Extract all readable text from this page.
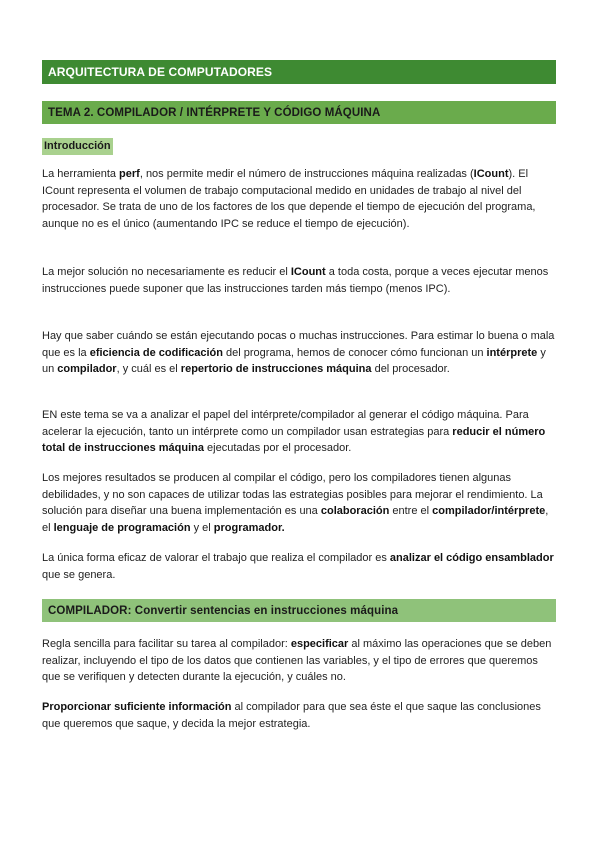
ARQUITECTURA DE COMPUTADORES
TEMA 2. COMPILADOR / INTÉRPRETE Y CÓDIGO MÁQUINA
Introducción
La herramienta perf, nos permite medir el número de instrucciones máquina realizadas (ICount). El ICount representa el volumen de trabajo computacional medido en unidades de trabajo al nivel del procesador. Se trata de uno de los factores de los que depende el tiempo de ejecución del programa, aunque no es el único (aumentando IPC se reduce el tiempo de ejecución).
La mejor solución no necesariamente es reducir el ICount a toda costa, porque a veces ejecutar menos instrucciones puede suponer que las instrucciones tarden más tiempo (menos IPC).
Hay que saber cuándo se están ejecutando pocas o muchas instrucciones. Para estimar lo buena o mala que es la eficiencia de codificación del programa, hemos de conocer cómo funcionan un intérprete y un compilador, y cuál es el repertorio de instrucciones máquina del procesador.
EN este tema se va a analizar el papel del intérprete/compilador al generar el código máquina. Para acelerar la ejecución, tanto un intérprete como un compilador usan estrategias para reducir el número total de instrucciones máquina ejecutadas por el procesador.
Los mejores resultados se producen al compilar el código, pero los compiladores tienen algunas debilidades, y no son capaces de utilizar todas las estrategias posibles para mejorar el rendimiento. La solución para diseñar una buena implementación es una colaboración entre el compilador/intérprete, el lenguaje de programación y el programador.
La única forma eficaz de valorar el trabajo que realiza el compilador es analizar el código ensamblador que se genera.
COMPILADOR: Convertir sentencias en instrucciones máquina
Regla sencilla para facilitar su tarea al compilador: especificar al máximo las operaciones que se deben realizar, incluyendo el tipo de los datos que contienen las variables, y el tipo de errores que queremos que se verifiquen y detecten durante la ejecución, y cuáles no.
Proporcionar suficiente información al compilador para que sea éste el que saque las conclusiones que queremos que saque, y decida la mejor estrategia.
